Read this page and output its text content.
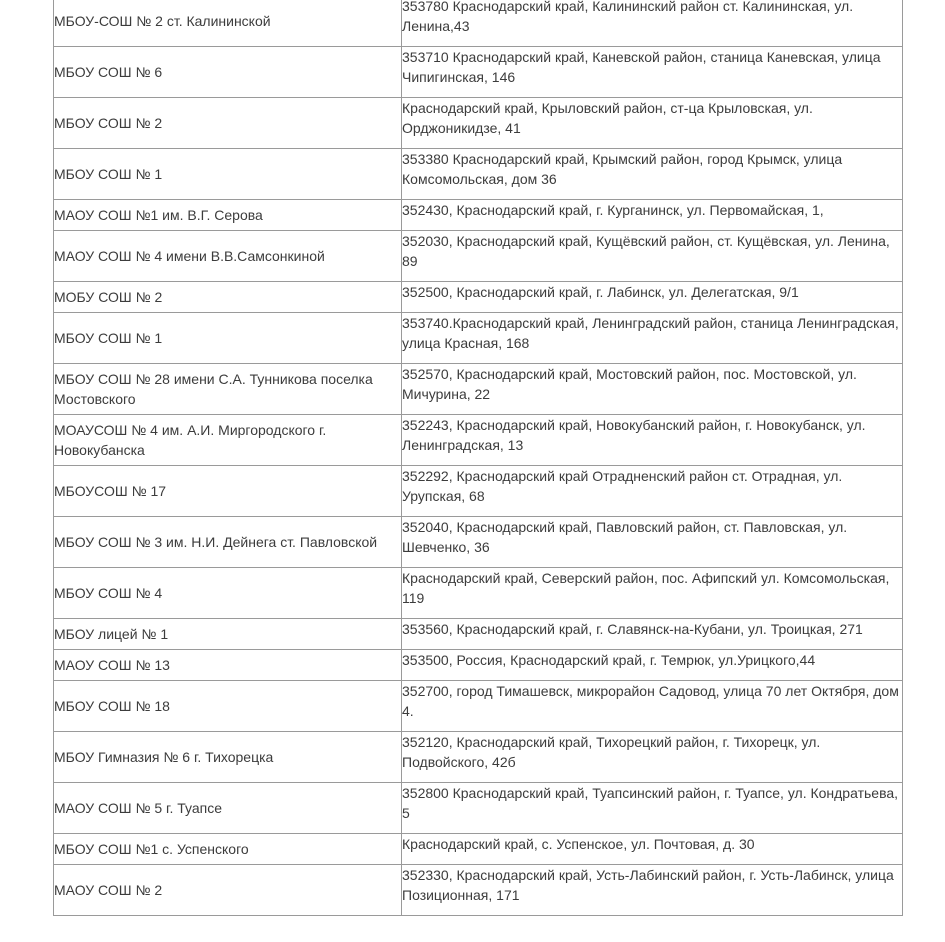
МБОУ-СОШ № 2 ст. Калининской	353780 Краснодарский край, Калининский район ст. Калининская, ул. Ленина,43
МБОУ СОШ № 6	353710 Краснодарский край, Каневской район, станица Каневская, улица Чипигинская, 146
МБОУ СОШ № 2	Краснодарский край, Крыловский район, ст-ца Крыловская, ул. Орджоникидзе, 41
МБОУ СОШ № 1	353380 Краснодарский край, Крымский район, город Крымск, улица Комсомольская, дом 36
МАОУ СОШ №1 им. В.Г. Серова	352430, Краснодарский край, г. Курганинск, ул. Первомайская, 1,
МАОУ СОШ № 4 имени В.В.Самсонкиной	352030, Краснодарский край, Кущёвский район, ст. Кущёвская, ул. Ленина, 89
МОБУ СОШ № 2	352500, Краснодарский край, г. Лабинск, ул. Делегатская, 9/1
МБОУ СОШ № 1	353740.Краснодарский край, Ленинградский район, станица Ленинградская, улица Красная, 168
МБОУ СОШ № 28 имени С.А. Тунникова поселка Мостовского	352570, Краснодарский край, Мостовский район, пос. Мостовской, ул. Мичурина, 22
МОАУСОШ № 4 им. А.И. Миргородского г. Новокубанска	352243, Краснодарский край, Новокубанский район, г. Новокубанск, ул. Ленинградская, 13
МБОУСОШ № 17	352292, Краснодарский край Отрадненский район ст. Отрадная, ул. Урупская, 68
МБОУ СОШ № 3 им. Н.И. Дейнега ст. Павловской	352040, Краснодарский край, Павловский район, ст. Павловская, ул. Шевченко, 36
МБОУ СОШ № 4	Краснодарский край, Северский район, пос. Афипский ул. Комсомольская, 119
МБОУ лицей № 1	353560, Краснодарский край, г. Славянск-на-Кубани, ул. Троицкая, 271
МАОУ СОШ № 13	353500, Россия, Краснодарский край, г. Темрюк, ул.Урицкого,44
МБОУ СОШ № 18	352700, город Тимашевск, микрорайон Садовод, улица 70 лет Октября, дом 4.
МБОУ Гимназия № 6 г. Тихорецка	352120, Краснодарский край, Тихорецкий район, г. Тихорецк, ул. Подвойского, 42б
МАОУ СОШ № 5 г. Туапсе	352800 Краснодарский край, Туапсинский район, г. Туапсе, ул. Кондратьева, 5
МБОУ СОШ №1 с. Успенского	Краснодарский край, с. Успенское, ул. Почтовая, д. 30
МАОУ СОШ № 2	352330, Краснодарский край, Усть-Лабинский район, г. Усть-Лабинск, улица Позиционная, 171
